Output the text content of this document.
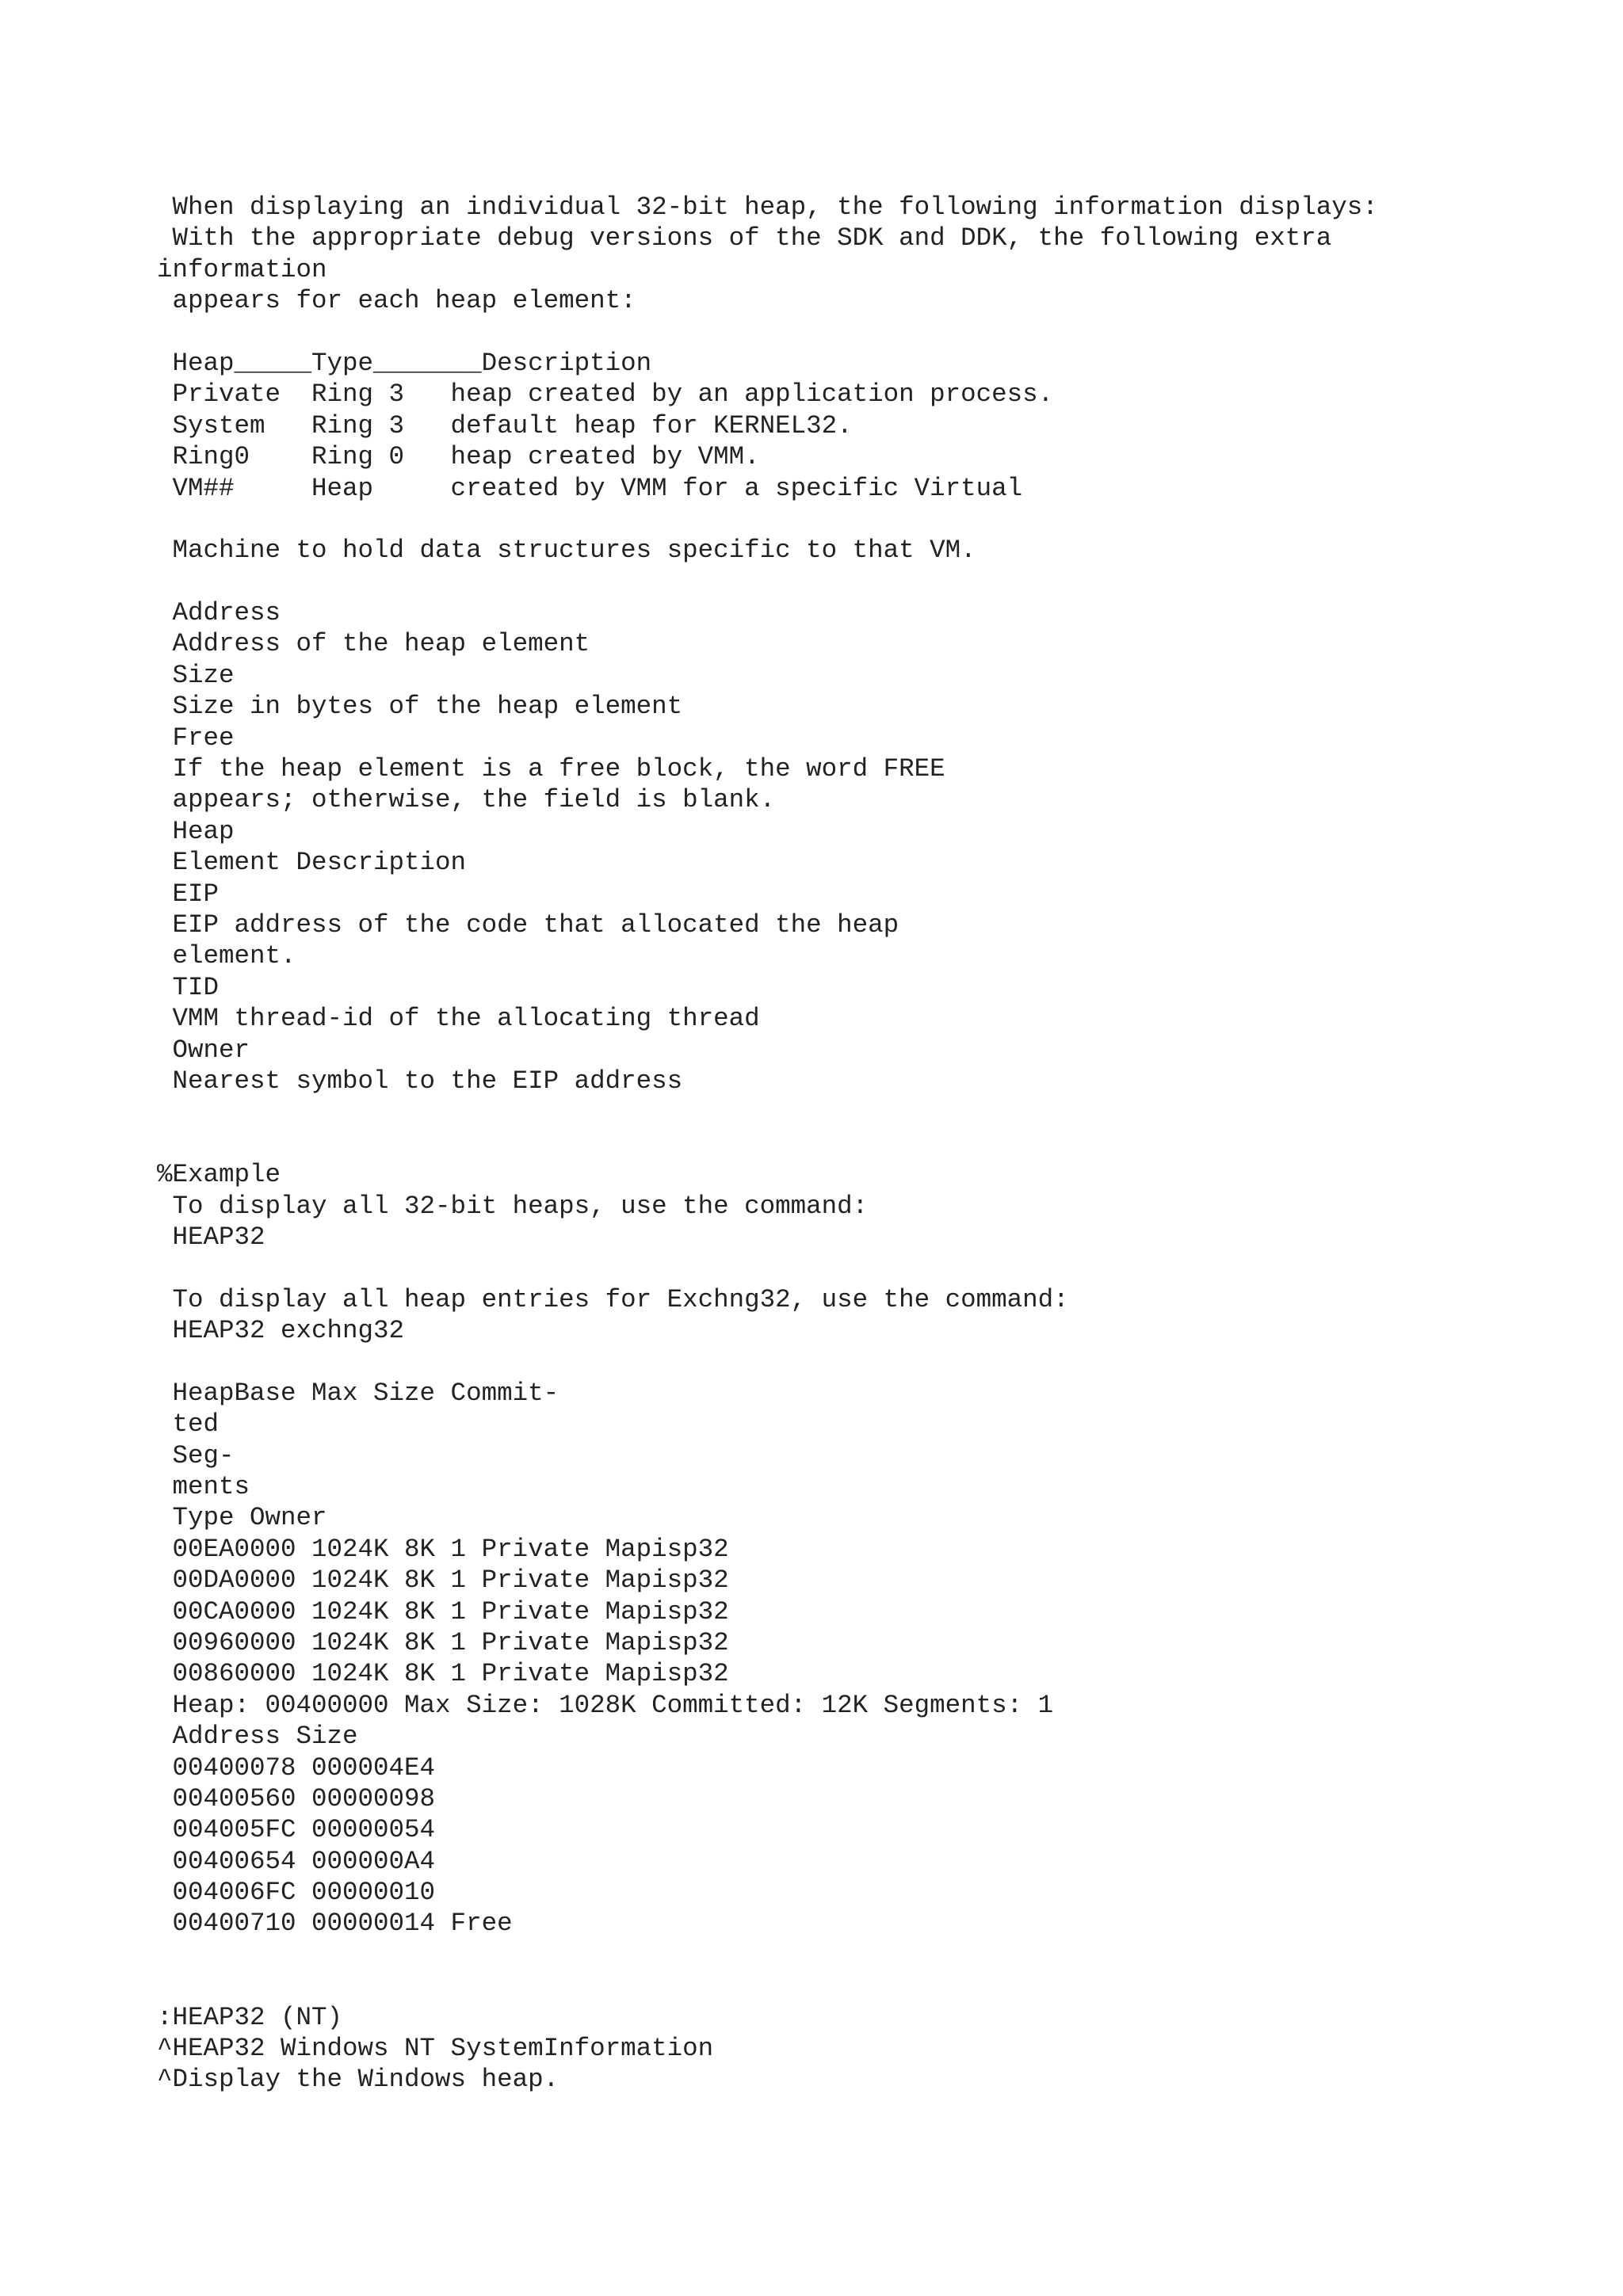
When displaying an individual 32-bit heap, the following information displays:
With the appropriate debug versions of the SDK and DDK, the following extra
information
appears for each heap element:
Heap_____Type_______Description
Private  Ring 3   heap created by an application process.
System   Ring 3   default heap for KERNEL32.
Ring0    Ring 0   heap created by VMM.
VM##     Heap     created by VMM for a specific Virtual
Machine to hold data structures specific to that VM.
Address
Address of the heap element
Size
Size in bytes of the heap element
Free
If the heap element is a free block, the word FREE
appears; otherwise, the field is blank.
Heap
Element Description
EIP
EIP address of the code that allocated the heap
element.
TID
VMM thread-id of the allocating thread
Owner
Nearest symbol to the EIP address
%Example
To display all 32-bit heaps, use the command:
HEAP32
To display all heap entries for Exchng32, use the command:
HEAP32 exchng32
HeapBase Max Size Commit-
ted
Seg-
ments
Type Owner
00EA0000 1024K 8K 1 Private Mapisp32
00DA0000 1024K 8K 1 Private Mapisp32
00CA0000 1024K 8K 1 Private Mapisp32
00960000 1024K 8K 1 Private Mapisp32
00860000 1024K 8K 1 Private Mapisp32
Heap: 00400000 Max Size: 1028K Committed: 12K Segments: 1
Address Size
00400078 000004E4
00400560 00000098
004005FC 00000054
00400654 000000A4
004006FC 00000010
00400710 00000014 Free
:HEAP32 (NT)
^HEAP32 Windows NT SystemInformation
^Display the Windows heap.
